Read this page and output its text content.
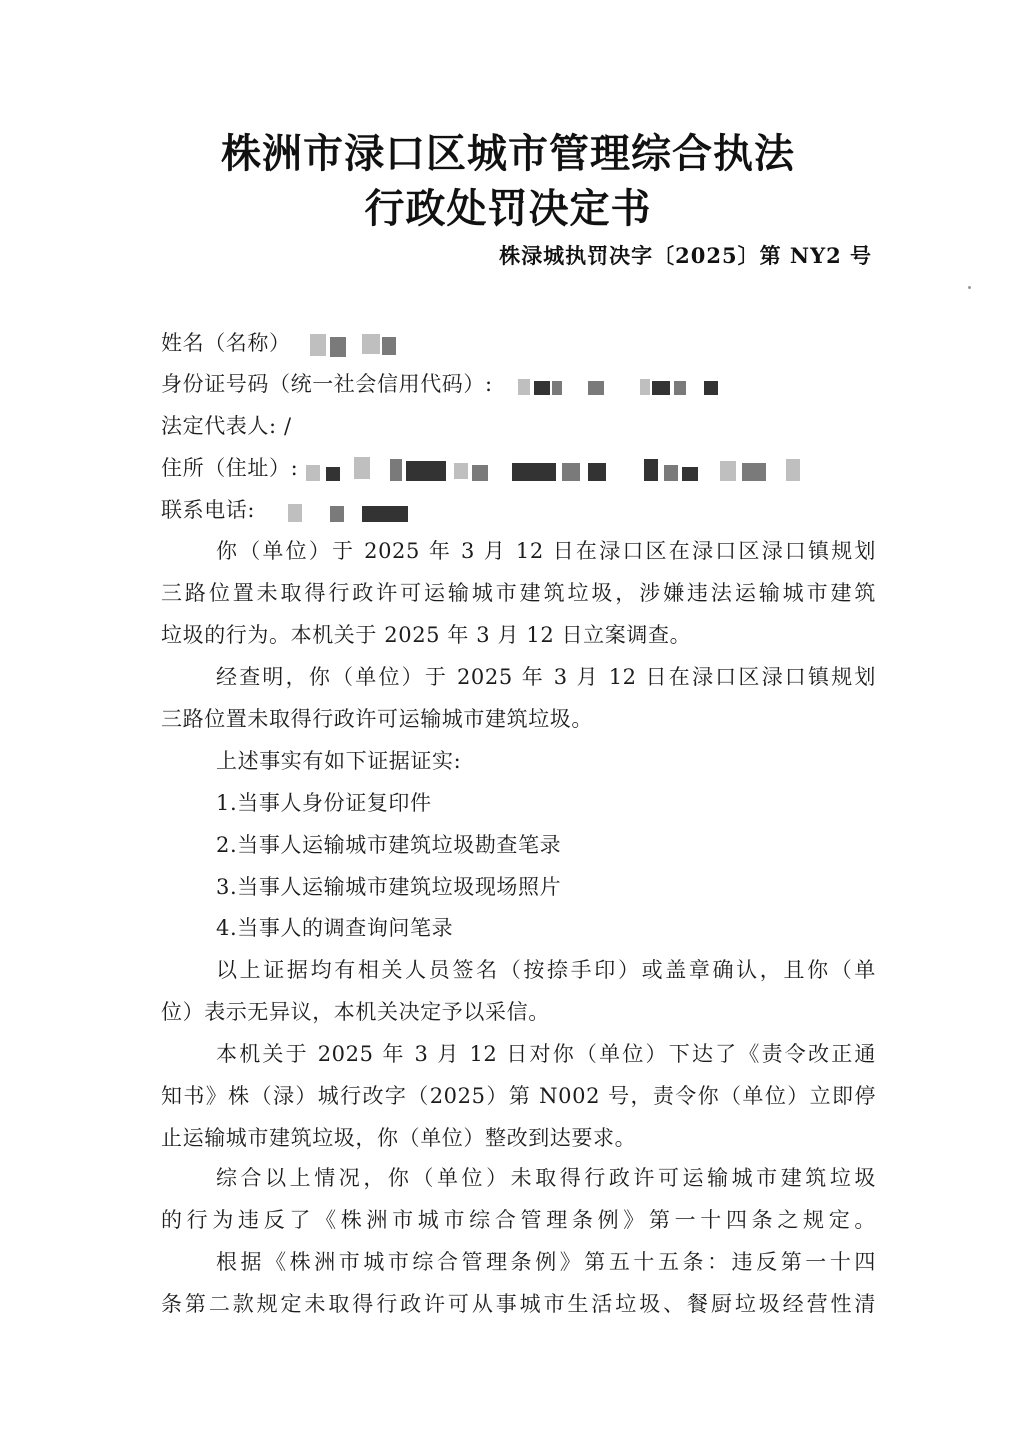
株洲市渌口区城市管理综合执法
行政处罚决定书
株渌城执罚决字〔2025〕第 NY2 号
姓名（名称）
身份证号码（统一社会信用代码）:
法定代表人: /
住所（住址）:
联系电话:
你（单位）于 2025 年 3 月 12 日在渌口区在渌口区渌口镇规划
三路位置未取得行政许可运输城市建筑垃圾，涉嫌违法运输城市建筑
垃圾的行为。本机关于 2025 年 3 月 12 日立案调查。
经查明，你（单位）于 2025 年 3 月 12 日在渌口区渌口镇规划
三路位置未取得行政许可运输城市建筑垃圾。
上述事实有如下证据证实:
1.当事人身份证复印件
2.当事人运输城市建筑垃圾勘查笔录
3.当事人运输城市建筑垃圾现场照片
4.当事人的调查询问笔录
以上证据均有相关人员签名（按捺手印）或盖章确认，且你（单
位）表示无异议，本机关决定予以采信。
本机关于 2025 年 3 月 12 日对你（单位）下达了《责令改正通
知书》株（渌）城行改字（2025）第 N002 号，责令你（单位）立即停
止运输城市建筑垃圾，你（单位）整改到达要求。
综合以上情况，你（单位）未取得行政许可运输城市建筑垃圾
的行为违反了《株洲市城市综合管理条例》第一十四条之规定。
根据《株洲市城市综合管理条例》第五十五条：违反第一十四
条第二款规定未取得行政许可从事城市生活垃圾、餐厨垃圾经营性清
